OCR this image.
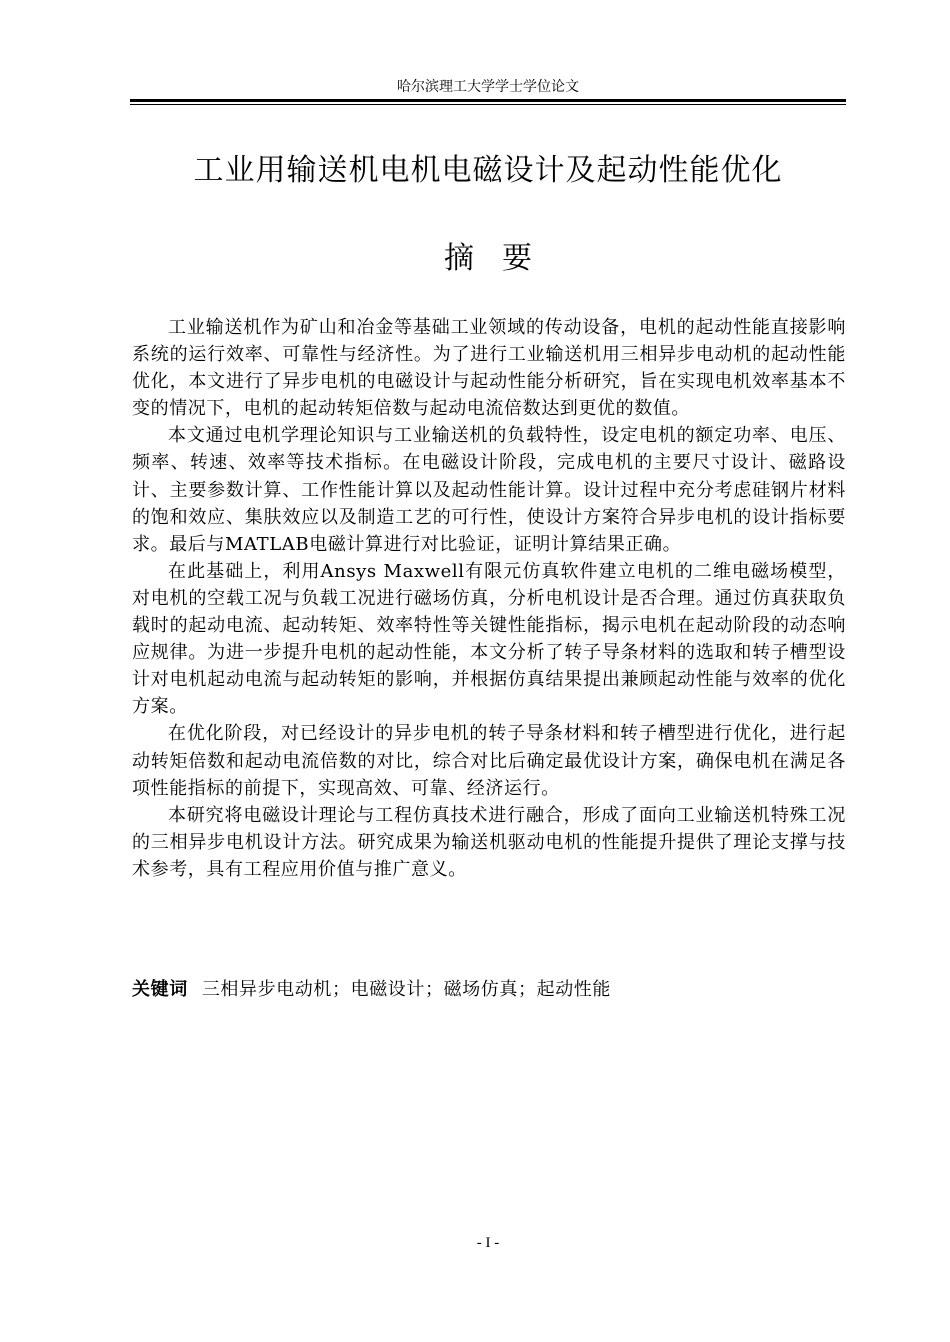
哈尔滨理工大学学士学位论文
工业用输送机电机电磁设计及起动性能优化
摘要

工业输送机作为矿山和冶金等基础工业领域的传动设备，电机的起动性能直接影响系统的运行效率、可靠性与经济性。为了进行工业输送机用三相异步电动机的起动性能优化，本文进行了异步电机的电磁设计与起动性能分析研究，旨在实现电机效率基本不变的情况下，电机的起动转矩倍数与起动电流倍数达到更优的数值。

本文通过电机学理论知识与工业输送机的负载特性，设定电机的额定功率、电压、频率、转速、效率等技术指标。在电磁设计阶段，完成电机的主要尺寸设计、磁路设计、主要参数计算、工作性能计算以及起动性能计算。设计过程中充分考虑硅钢片材料的饱和效应、集肤效应以及制造工艺的可行性，使设计方案符合异步电机的设计指标要求。最后与MATLAB电磁计算进行对比验证，证明计算结果正确。

在此基础上，利用Ansys Maxwell有限元仿真软件建立电机的二维电磁场模型，对电机的空载工况与负载工况进行磁场仿真，分析电机设计是否合理。通过仿真获取负载时的起动电流、起动转矩、效率特性等关键性能指标，揭示电机在起动阶段的动态响应规律。为进一步提升电机的起动性能，本文分析了转子导条材料的选取和转子槽型设计对电机起动电流与起动转矩的影响，并根据仿真结果提出兼顾起动性能与效率的优化方案。

在优化阶段，对已经设计的异步电机的转子导条材料和转子槽型进行优化，进行起动转矩倍数和起动电流倍数的对比，综合对比后确定最优设计方案，确保电机在满足各项性能指标的前提下，实现高效、可靠、经济运行。

本研究将电磁设计理论与工程仿真技术进行融合，形成了面向工业输送机特殊工况的三相异步电机设计方法。研究成果为输送机驱动电机的性能提升提供了理论支撑与技术参考，具有工程应用价值与推广意义。

关键词 三相异步电动机；电磁设计；磁场仿真；起动性能
- I -
